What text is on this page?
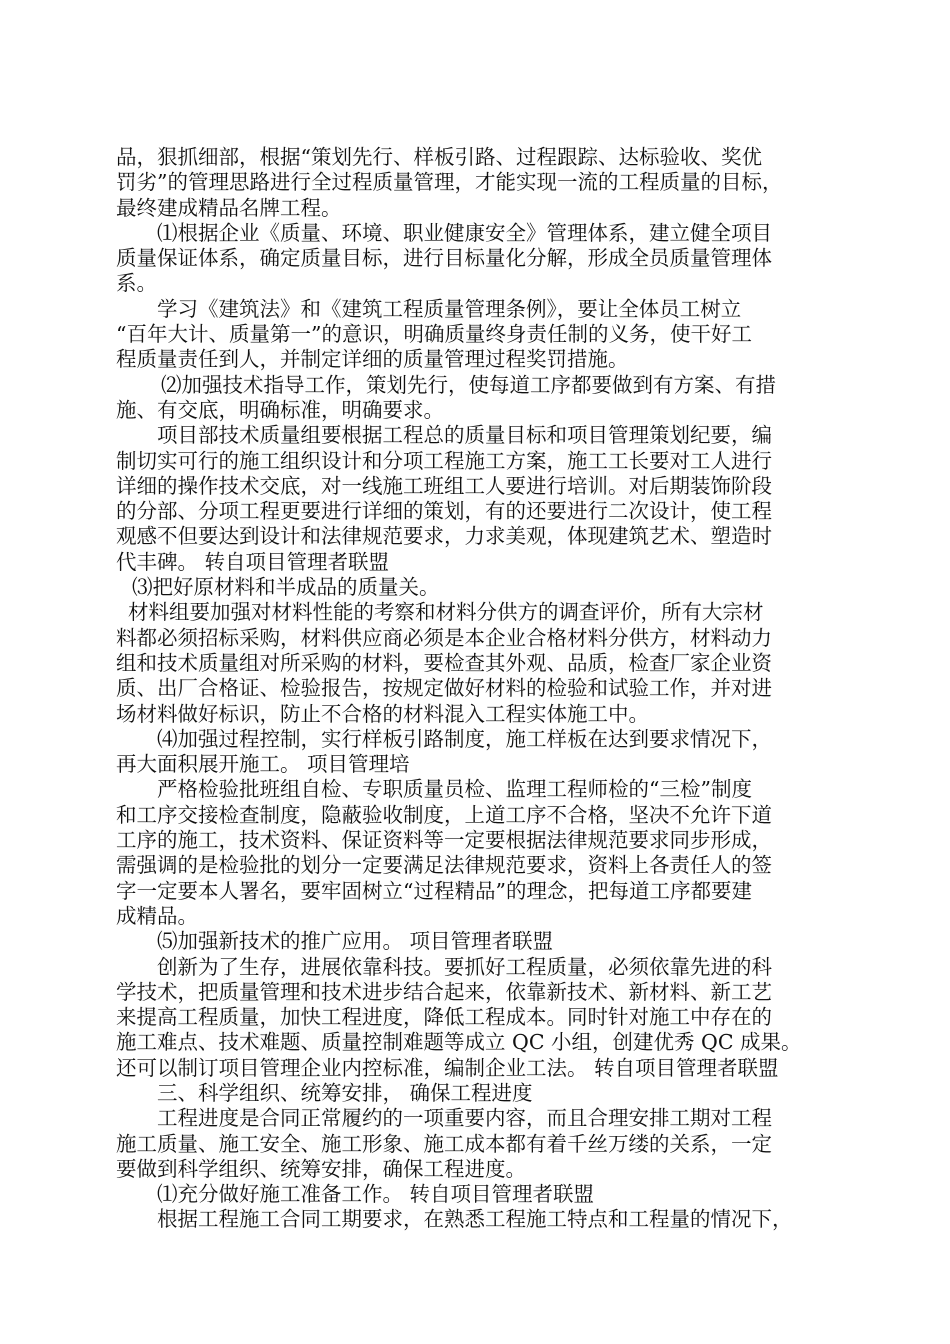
品，狠抓细部，根据“策划先行、样板引路、过程跟踪、达标验收、奖优
罚劣”的管理思路进行全过程质量管理，才能实现一流的工程质量的目标，
最终建成精品名牌工程。
⑴根据企业《质量、环境、职业健康安全》管理体系，建立健全项目
质量保证体系，确定质量目标，进行目标量化分解，形成全员质量管理体
系。
学习《建筑法》和《建筑工程质量管理条例》，要让全体员工树立
“百年大计、质量第一”的意识，明确质量终身责任制的义务，使干好工
程质量责任到人，并制定详细的质量管理过程奖罚措施。
⑵加强技术指导工作，策划先行，使每道工序都要做到有方案、有措
施、有交底，明确标准，明确要求。
项目部技术质量组要根据工程总的质量目标和项目管理策划纪要，编
制切实可行的施工组织设计和分项工程施工方案，施工工长要对工人进行
详细的操作技术交底，对一线施工班组工人要进行培训。对后期装饰阶段
的分部、分项工程更要进行详细的策划，有的还要进行二次设计，使工程
观感不但要达到设计和法律规范要求，力求美观，体现建筑艺术、塑造时
代丰碑。 转自项目管理者联盟
⑶把好原材料和半成品的质量关。
材料组要加强对材料性能的考察和材料分供方的调查评价，所有大宗材
料都必须招标采购，材料供应商必须是本企业合格材料分供方，材料动力
组和技术质量组对所采购的材料，要检查其外观、品质，检查厂家企业资
质、出厂合格证、检验报告，按规定做好材料的检验和试验工作，并对进
场材料做好标识，防止不合格的材料混入工程实体施工中。
⑷加强过程控制，实行样板引路制度，施工样板在达到要求情况下，
再大面积展开施工。 项目管理培
严格检验批班组自检、专职质量员检、监理工程师检的“三检”制度
和工序交接检查制度，隐蔽验收制度，上道工序不合格，坚决不允许下道
工序的施工，技术资料、保证资料等一定要根据法律规范要求同步形成，
需强调的是检验批的划分一定要满足法律规范要求，资料上各责任人的签
字一定要本人署名，要牢固树立“过程精品”的理念，把每道工序都要建
成精品。
⑸加强新技术的推广应用。 项目管理者联盟
创新为了生存，进展依靠科技。要抓好工程质量，必须依靠先进的科
学技术，把质量管理和技术进步结合起来，依靠新技术、新材料、新工艺
来提高工程质量，加快工程进度，降低工程成本。同时针对施工中存在的
施工难点、技术难题、质量控制难题等成立 QC 小组，创建优秀 QC 成果。
还可以制订项目管理企业内控标准，编制企业工法。 转自项目管理者联盟
三、科学组织、统筹安排， 确保工程进度
工程进度是合同正常履约的一项重要内容，而且合理安排工期对工程
施工质量、施工安全、施工形象、施工成本都有着千丝万缕的关系，一定
要做到科学组织、统筹安排，确保工程进度。
⑴充分做好施工准备工作。 转自项目管理者联盟
根据工程施工合同工期要求，在熟悉工程施工特点和工程量的情况下，
